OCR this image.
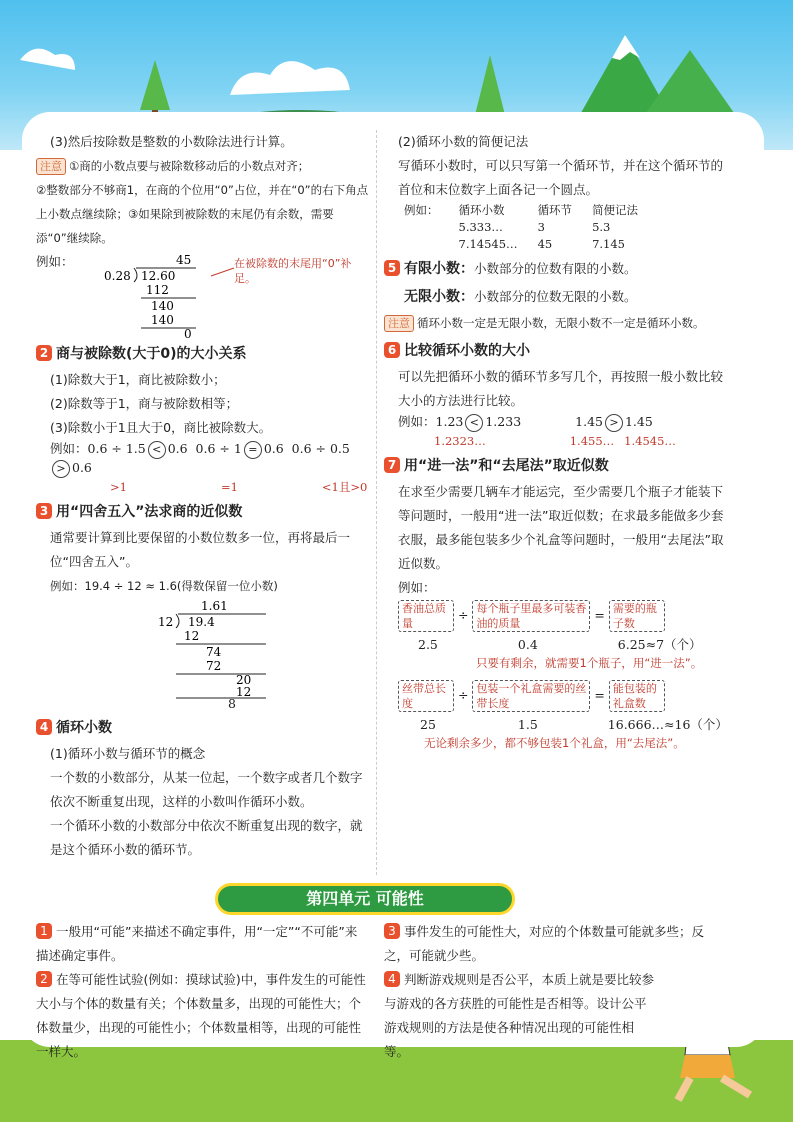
(3)然后按除数是整数的小数除法进行计算。
注意 ①商的小数点要与被除数移动后的小数点对齐；
②整数部分不够商1，在商的个位用“0”占位，并在“0”的右下角点上小数点继续除；③如果除到被除数的末尾仍有余数，需要添“0”继续除。
例如：	45
0.28 12.60
112
140
140
0
在被除数的末尾用“0”补足。
2 商与被除数(大于0)的大小关系
(1)除数大于1，商比被除数小；
(2)除数等于1，商与被除数相等；
(3)除数小于1且大于0，商比被除数大。
例如：0.6 ÷ 1.5 < 0.6 0.6 ÷ 1 = 0.6 0.6 ÷ 0.5> 0.6
>1	=1	<1且>0
3 用“四舍五入”法求商的近似数
通常要计算到比要保留的小数位数多一位，再将最后一位“四舍五入”。
例如：19.4 ÷ 12 ≈ 1.6(得数保留一位小数)
1.61
12 19.4
12
74
72
20
12
8
4 循环小数
(1)循环小数与循环节的概念
一个数的小数部分，从某一位起，一个数字或者几个数字依次不断重复出现，这样的小数叫作循环小数。
一个循环小数的小数部分中依次不断重复出现的数字，就是这个循环小数的循环节。
(2)循环小数的简便记法
写循环小数时，可以只写第一个循环节，并在这个循环节的首位和末位数字上面各记一个圆点。
例如：	循环小数	循环节	简便记法
	5.333…	3	5.3
	7.14545…	45	7.145
5 有限小数：小数部分的位数有限的小数。
无限小数：小数部分的位数无限的小数。
注意 循环小数一定是无限小数，无限小数不一定是循环小数。
6 比较循环小数的大小
可以先把循环小数的循环节多写几个，再按照一般小数比较大小的方法进行比较。
例如：1.23 < 1.233	1.45 > 1.45
1.2323…	1.455… 1.4545…
7 用“进一法”和“去尾法”取近似数
在求至少需要几辆车才能运完，至少需要几个瓶子才能装下等问题时，一般用“进一法”取近似数；在求最多能做多少套衣服，最多能包装多少个礼盒等问题时，一般用“去尾法”取近似数。
例如：
香油总质量 ÷ 每个瓶子里最多可装香油的质量 = 需要的瓶子数
2.5	0.4	6.25≈7（个）
只要有剩余，就需要1个瓶子，用“进一法”。
丝带总长度 ÷ 包装一个礼盒需要的丝带长度 = 能包装的礼盒数
25	1.5	16.666…≈16（个）
无论剩余多少，都不够包装1个礼盒，用“去尾法”。
第四单元 可能性
1 一般用“可能”来描述不确定事件，用“一定”“不可能”来描述确定事件。
2 在等可能性试验(例如：摸球试验)中，事件发生的可能性大小与个体的数量有关；个体数量多，出现的可能性大；个体数量少，出现的可能性小；个体数量相等，出现的可能性一样大。
3 事件发生的可能性大，对应的个体数量可能就多些；反之，可能就少些。
4 判断游戏规则是否公平，本质上就是要比较参与游戏的各方获胜的可能性是否相等。设计公平游戏规则的方法是使各种情况出现的可能性相等。
